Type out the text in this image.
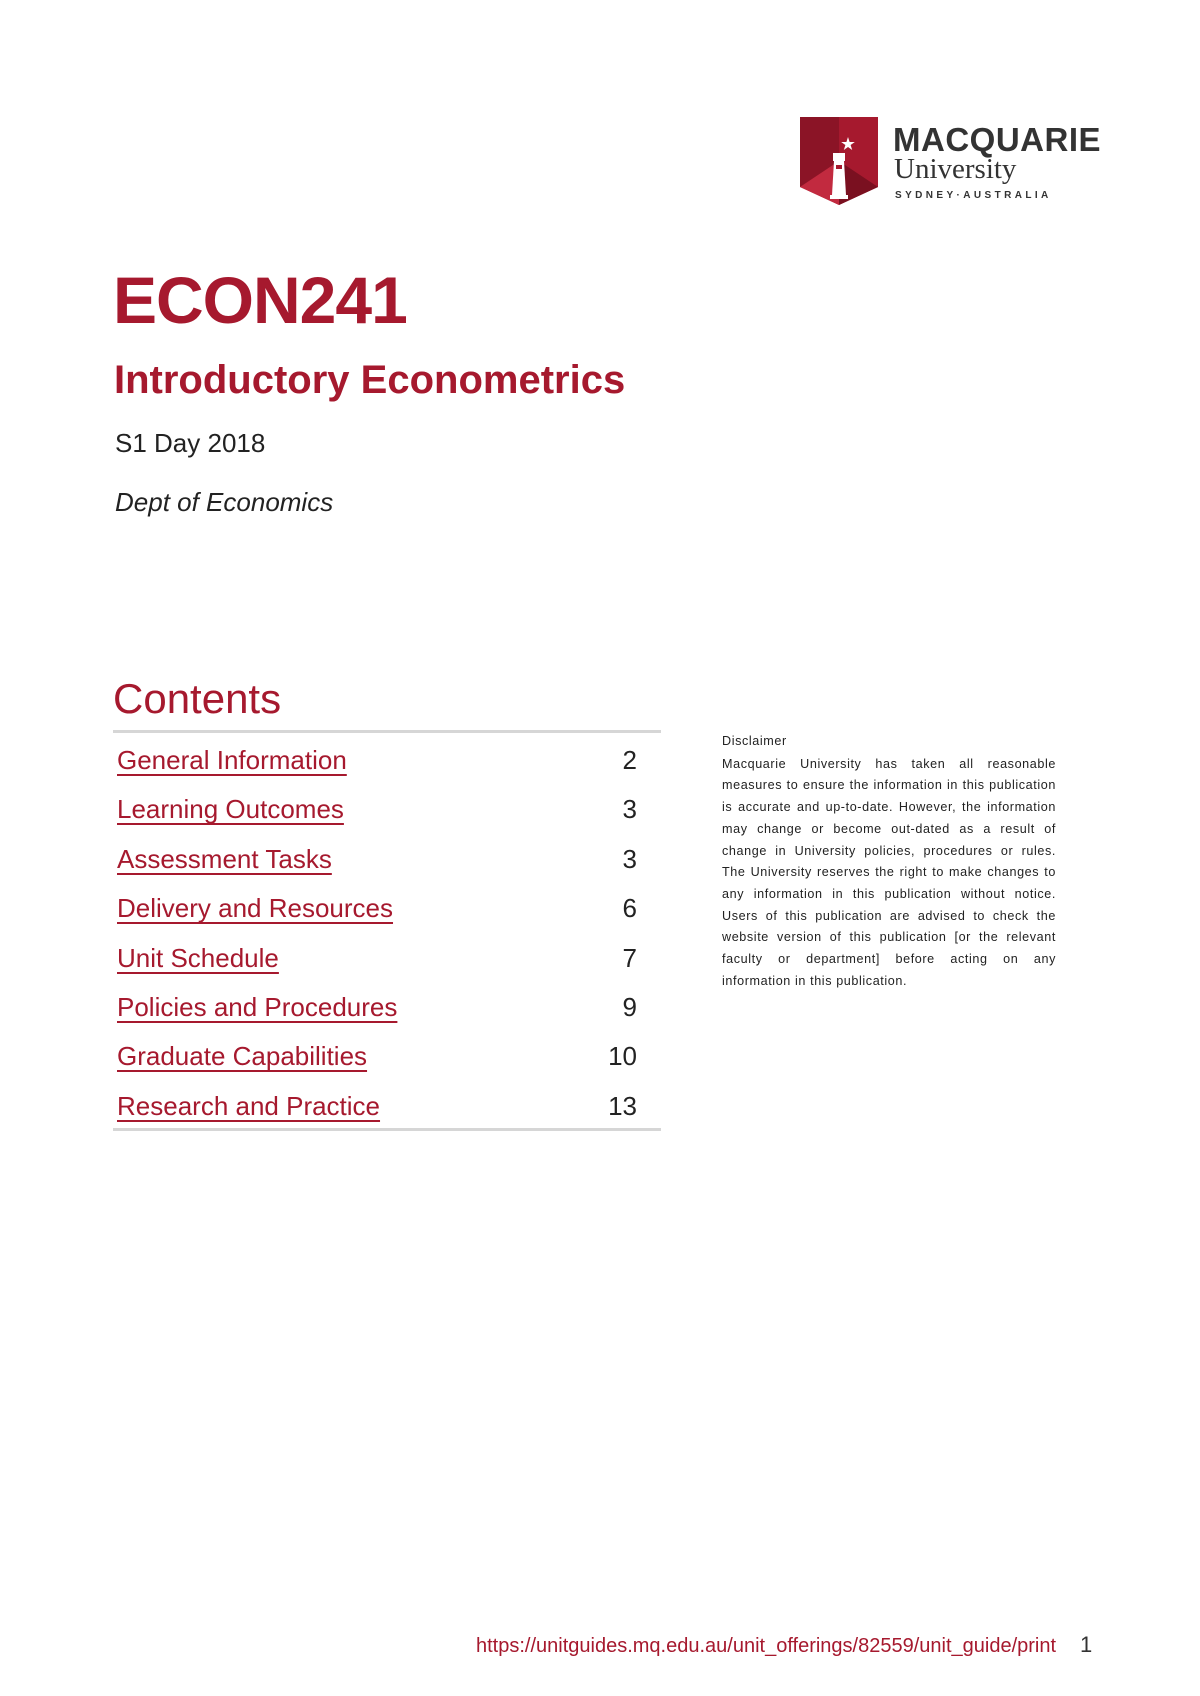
MACQUARIE
University
SYDNEY·AUSTRALIA
ECON241
Introductory Econometrics
S1 Day 2018
Dept of Economics
Contents
General Information	2
Learning Outcomes	3
Assessment Tasks	3
Delivery and Resources	6
Unit Schedule	7
Policies and Procedures	9
Graduate Capabilities	10
Research and Practice	13

Disclaimer

Macquarie University has taken all reasonable measures to ensure the information in this publication is accurate and up-to-date. However, the information may change or become out-dated as a result of change in University policies, procedures or rules. The University reserves the right to make changes to any information in this publication without notice. Users of this publication are advised to check the website version of this publication [or the relevant faculty or department] before acting on any information in this publication.

https://unitguides.mq.edu.au/unit_offerings/82559/unit_guide/print 1
